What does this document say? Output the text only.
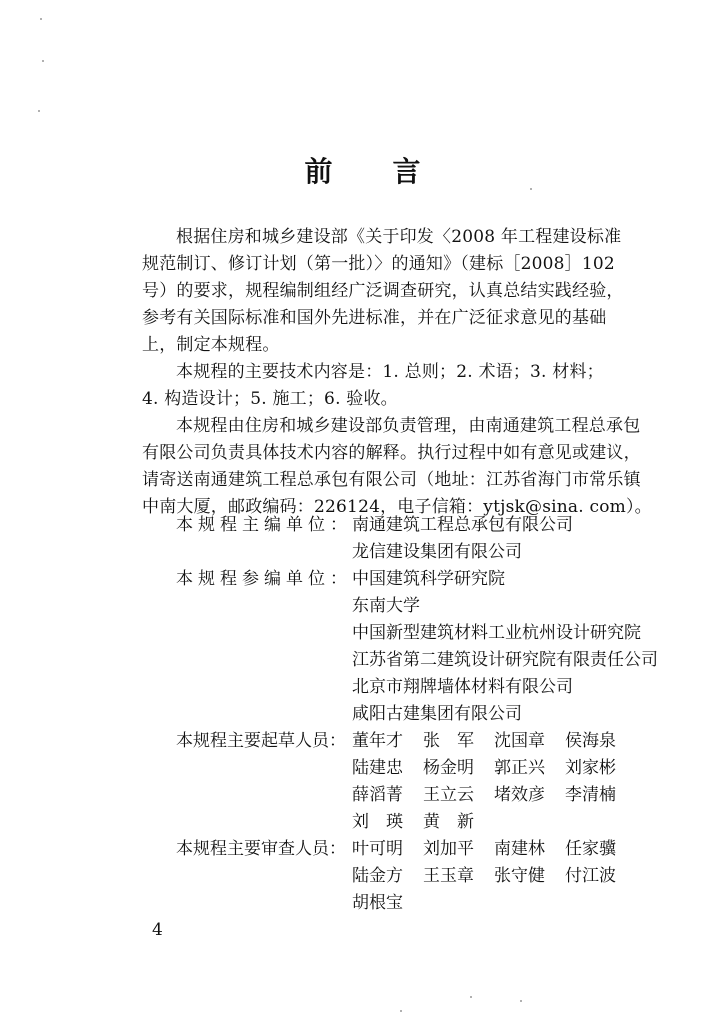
前 言
根据住房和城乡建设部《关于印发〈2008 年工程建设标准
规范制订、修订计划（第一批）〉的通知》（建标［2008］102
号）的要求，规程编制组经广泛调查研究，认真总结实践经验，
参考有关国际标准和国外先进标准，并在广泛征求意见的基础
上，制定本规程。
本规程的主要技术内容是：1. 总则；2. 术语；3. 材料；
4. 构造设计；5. 施工；6. 验收。
本规程由住房和城乡建设部负责管理，由南通建筑工程总承包
有限公司负责具体技术内容的解释。执行过程中如有意见或建议，
请寄送南通建筑工程总承包有限公司（地址：江苏省海门市常乐镇
中南大厦，邮政编码：226124，电子信箱：ytjsk@sina. com）。
本规程主编单位： 南通建筑工程总承包有限公司
龙信建设集团有限公司
本规程参编单位： 中国建筑科学研究院
东南大学
中国新型建筑材料工业杭州设计研究院
江苏省第二建筑设计研究院有限责任公司
北京市翔牌墙体材料有限公司
咸阳古建集团有限公司
本规程主要起草人员： 董年才 张　军 沈国章 侯海泉
陆建忠 杨金明 郭正兴 刘家彬
薛滔菁 王立云 堵效彦 李清楠
刘　瑛 黄　新
本规程主要审查人员： 叶可明 刘加平 南建林 任家骥
陆金方 王玉章 张守健 付江波
胡根宝
4
